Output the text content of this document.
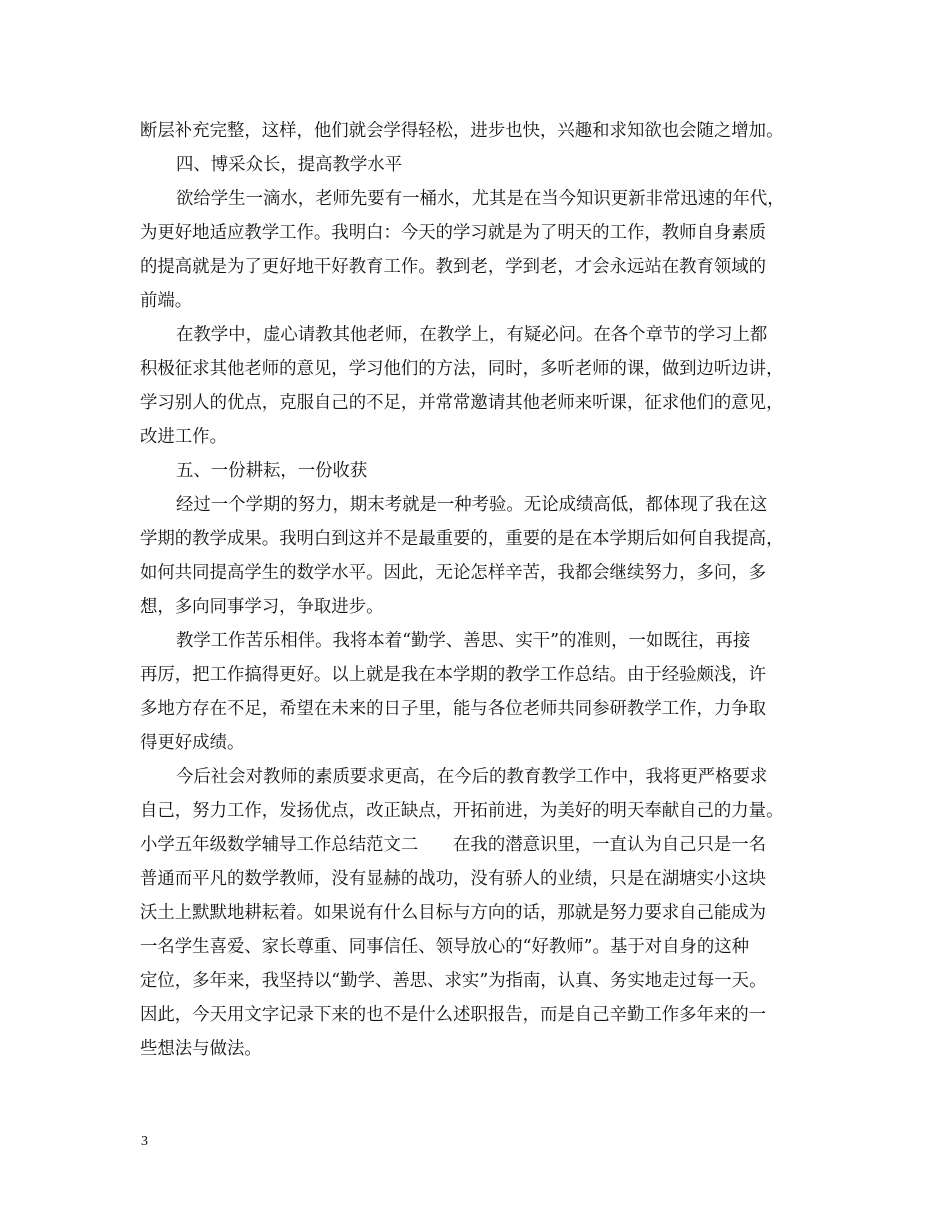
断层补充完整，这样，他们就会学得轻松，进步也快，兴趣和求知欲也会随之增加。
四、博采众长，提高教学水平
欲给学生一滴水，老师先要有一桶水，尤其是在当今知识更新非常迅速的年代，
为更好地适应教学工作。我明白：今天的学习就是为了明天的工作，教师自身素质
的提高就是为了更好地干好教育工作。教到老，学到老，才会永远站在教育领域的
前端。
在教学中，虚心请教其他老师，在教学上，有疑必问。在各个章节的学习上都
积极征求其他老师的意见，学习他们的方法，同时，多听老师的课，做到边听边讲，
学习别人的优点，克服自己的不足，并常常邀请其他老师来听课，征求他们的意见，
改进工作。
五、一份耕耘，一份收获
经过一个学期的努力，期末考就是一种考验。无论成绩高低，都体现了我在这
学期的教学成果。我明白到这并不是最重要的，重要的是在本学期后如何自我提高，
如何共同提高学生的数学水平。因此，无论怎样辛苦，我都会继续努力，多问，多
想，多向同事学习，争取进步。
教学工作苦乐相伴。我将本着“勤学、善思、实干”的准则，一如既往，再接
再厉，把工作搞得更好。以上就是我在本学期的教学工作总结。由于经验颇浅，许
多地方存在不足，希望在未来的日子里，能与各位老师共同参研教学工作，力争取
得更好成绩。
今后社会对教师的素质要求更高，在今后的教育教学工作中，我将更严格要求
自己，努力工作，发扬优点，改正缺点，开拓前进，为美好的明天奉献自己的力量。
小学五年级数学辅导工作总结范文二　　在我的潜意识里，一直认为自己只是一名
普通而平凡的数学教师，没有显赫的战功，没有骄人的业绩，只是在湖塘实小这块
沃土上默默地耕耘着。如果说有什么目标与方向的话，那就是努力要求自己能成为
一名学生喜爱、家长尊重、同事信任、领导放心的“好教师”。基于对自身的这种
定位，多年来，我坚持以“勤学、善思、求实”为指南，认真、务实地走过每一天。
因此，今天用文字记录下来的也不是什么述职报告，而是自己辛勤工作多年来的一
些想法与做法。
3
